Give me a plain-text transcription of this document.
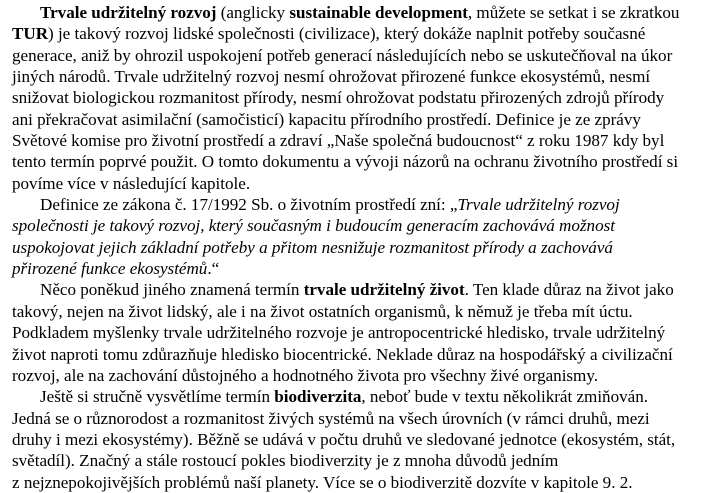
Trvale udržitelný rozvoj (anglicky sustainable development, můžete se setkat i se zkratkou
TUR) je takový rozvoj lidské společnosti (civilizace), který dokáže naplnit potřeby současné
generace, aniž by ohrozil uspokojení potřeb generací následujících nebo se uskutečňoval na úkor
jiných národů. Trvale udržitelný rozvoj nesmí ohrožovat přirozené funkce ekosystémů, nesmí
snižovat biologickou rozmanitost přírody, nesmí ohrožovat podstatu přirozených zdrojů přírody
ani překračovat asimilační (samočisticí) kapacitu přírodního prostředí. Definice je ze zprávy
Světové komise pro životní prostředí a zdraví „Naše společná budoucnost“ z roku 1987 kdy byl
tento termín poprvé použit. O tomto dokumentu a vývoji názorů na ochranu životního prostředí si
povíme více v následující kapitole.

Definice ze zákona č. 17/1992 Sb. o životním prostředí zní: „Trvale udržitelný rozvoj
společnosti je takový rozvoj, který současným i budoucím generacím zachovává možnost
uspokojovat jejich základní potřeby a přitom nesnižuje rozmanitost přírody a zachovává
přirozené funkce ekosystémů.“

Něco poněkud jiného znamená termín trvale udržitelný život. Ten klade důraz na život jako
takový, nejen na život lidský, ale i na život ostatních organismů, k němuž je třeba mít úctu.
Podkladem myšlenky trvale udržitelného rozvoje je antropocentrické hledisko, trvale udržitelný
život naproti tomu zdůrazňuje hledisko biocentrické. Neklade důraz na hospodářský a civilizační
rozvoj, ale na zachování důstojného a hodnotného života pro všechny živé organismy.

Ještě si stručně vysvětlíme termín biodiverzita, neboť bude v textu několikrát zmiňován.
Jedná se o různorodost a rozmanitost živých systémů na všech úrovních (v rámci druhů, mezi
druhy i mezi ekosystémy). Běžně se udává v počtu druhů ve sledované jednotce (ekosystém, stát,
světadíl). Značný a stále rostoucí pokles biodiverzity je z mnoha důvodů jedním
z nejznepokojivějších problémů naší planety. Více se o biodiverzitě dozvíte v kapitole 9. 2.
